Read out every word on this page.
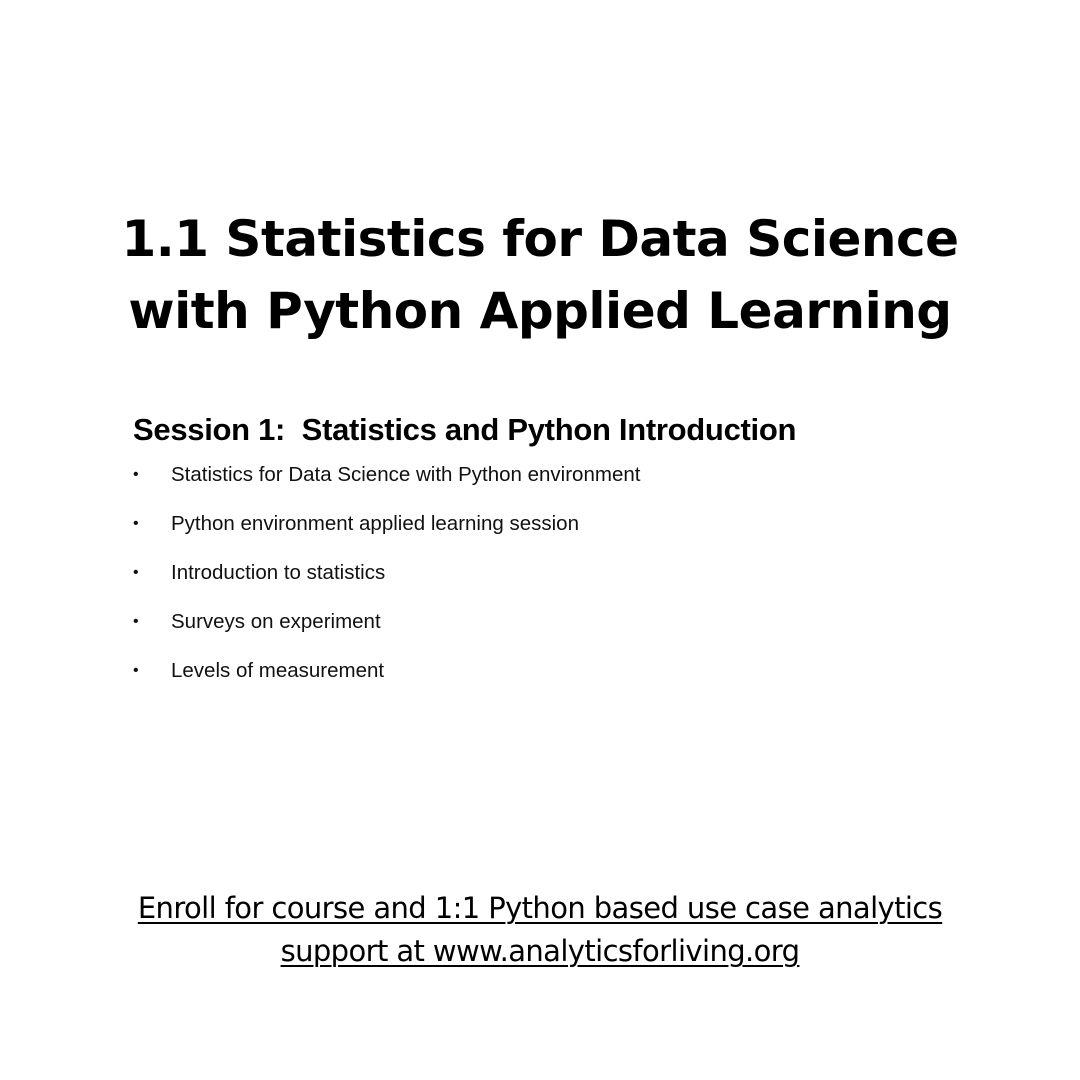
1.1 Statistics for Data Science
with Python Applied Learning
Session 1:  Statistics and Python Introduction
• Statistics for Data Science with Python environment
• Python environment applied learning session
• Introduction to statistics
• Surveys on experiment
• Levels of measurement
Enroll for course and 1:1 Python based use case analytics
support at www.analyticsforliving.org
